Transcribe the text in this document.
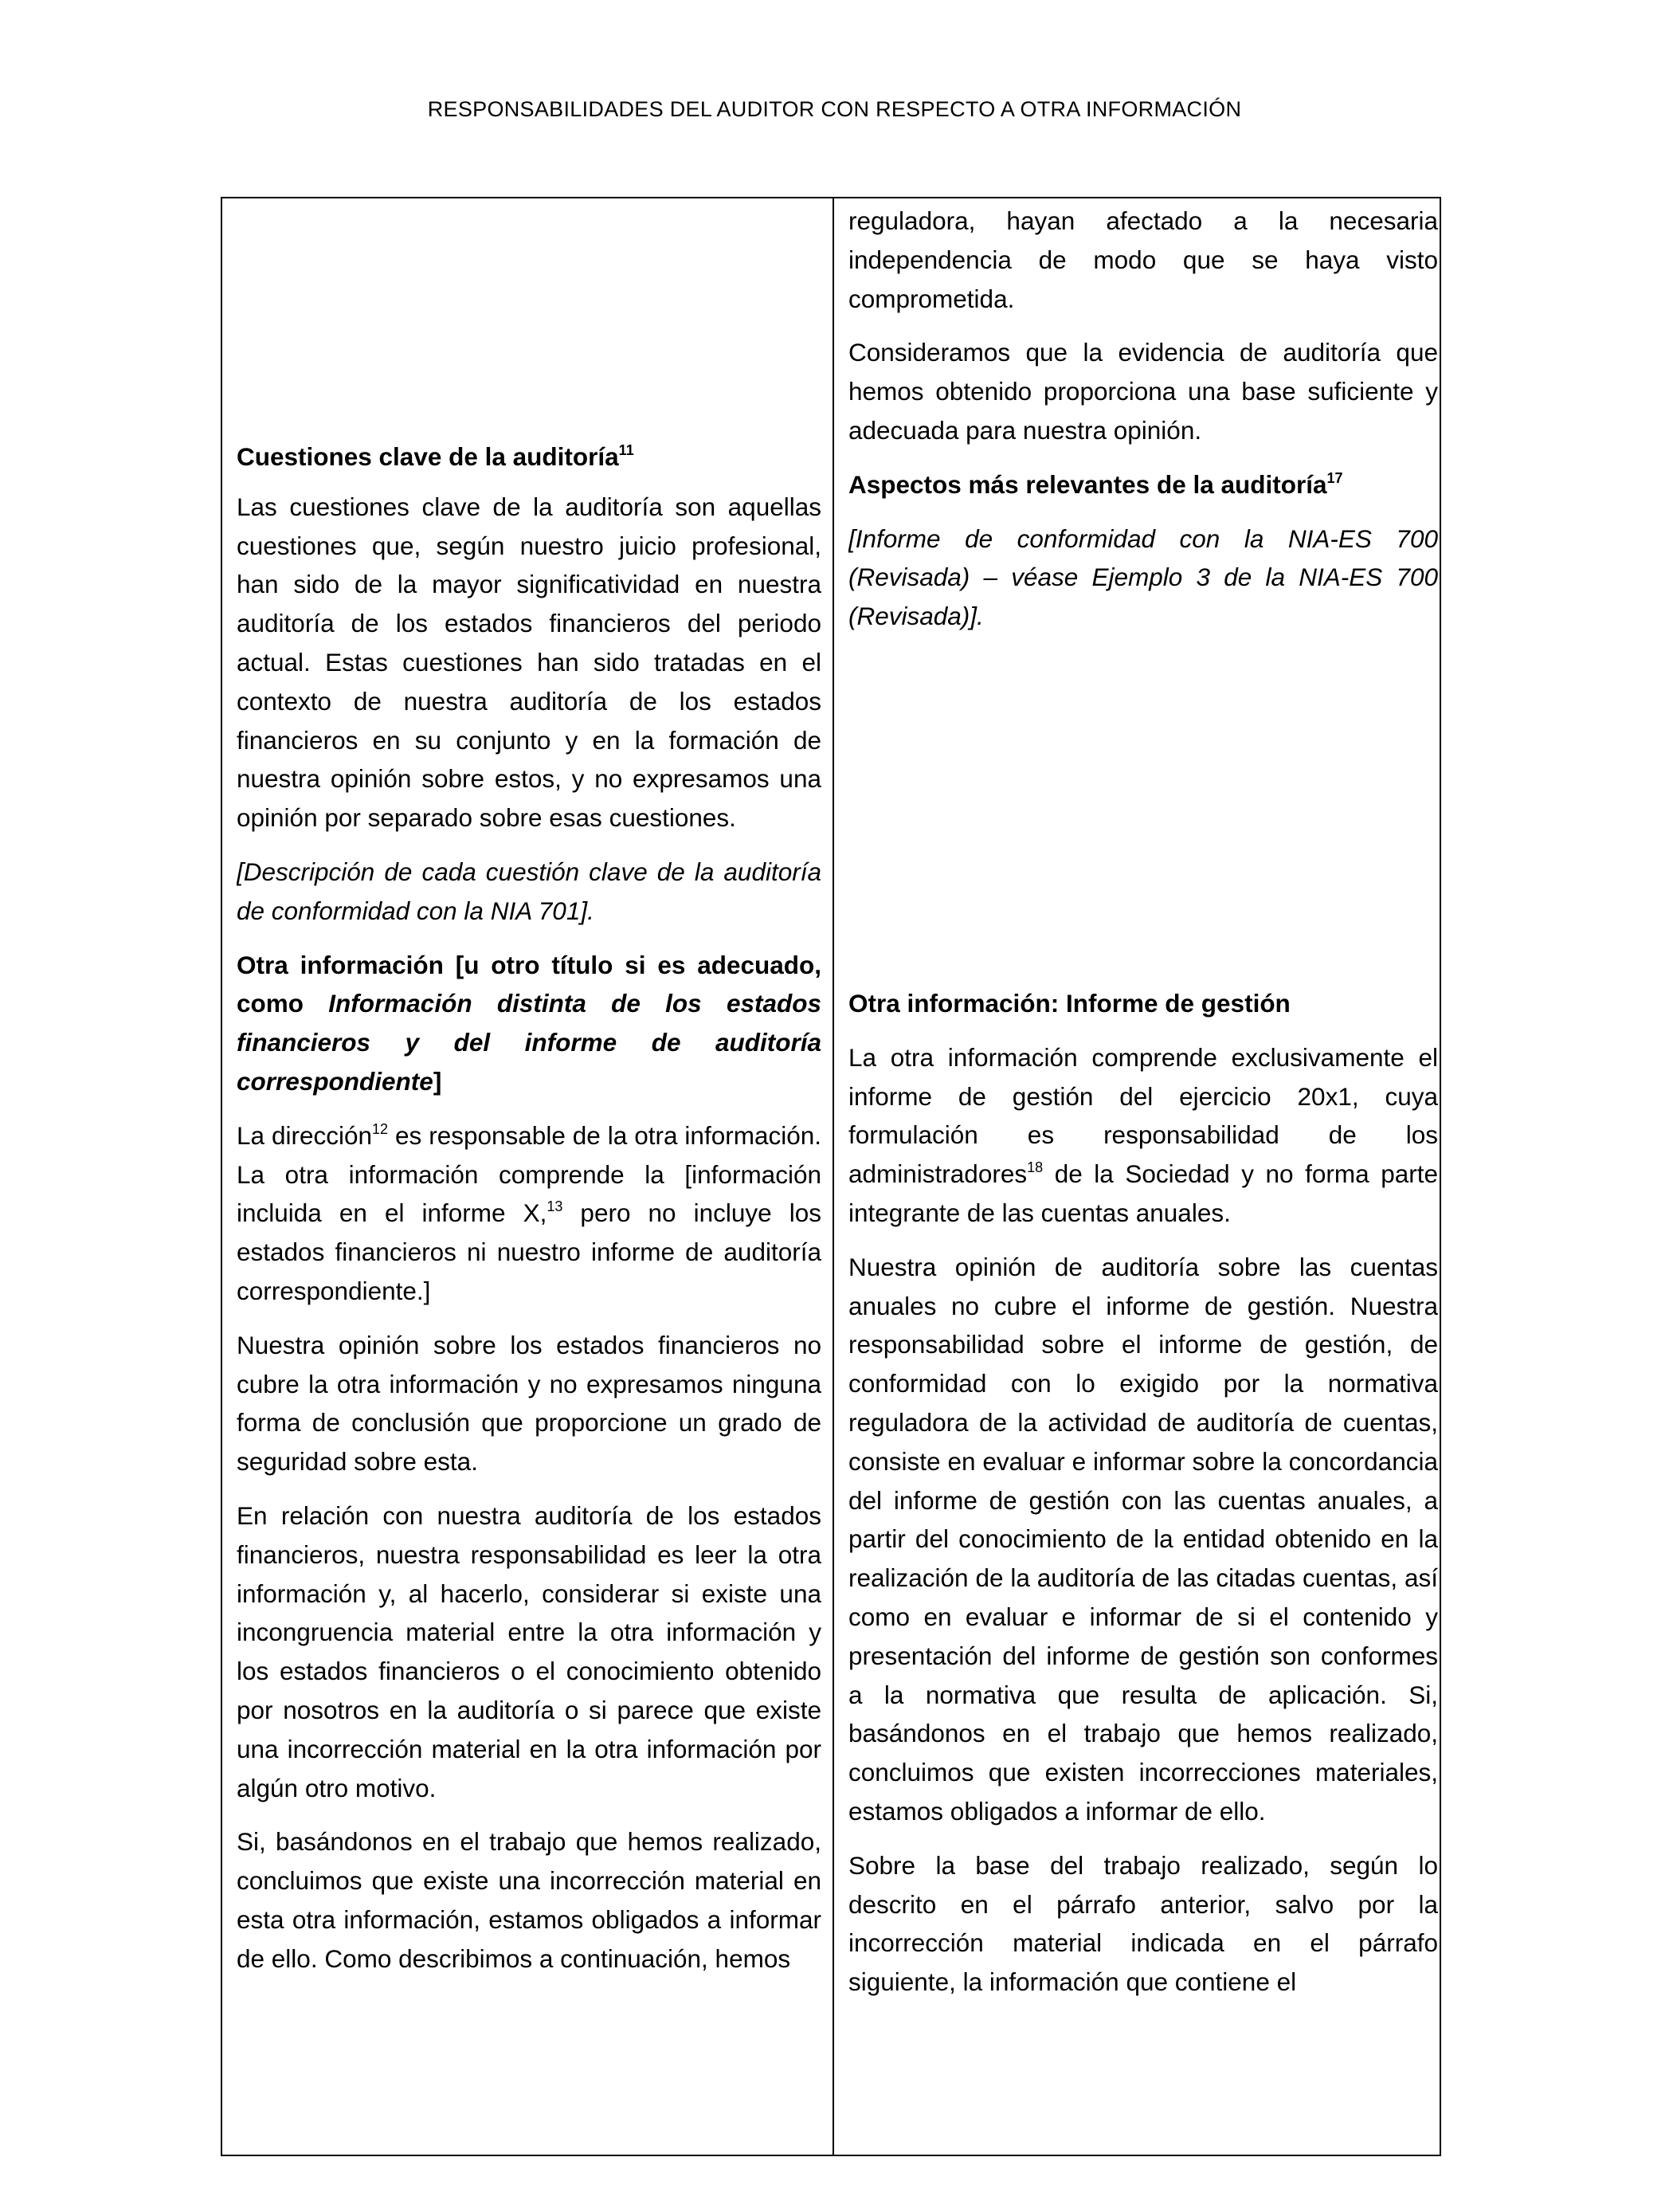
RESPONSABILIDADES DEL AUDITOR CON RESPECTO A OTRA INFORMACIÓN

Cuestiones clave de la auditoría$^{11}$

Las cuestiones clave de la auditoría son aquellas cuestiones que, según nuestro juicio profesional, han sido de la mayor significatividad en nuestra auditoría de los estados financieros del periodo actual. Estas cuestiones han sido tratadas en el contexto de nuestra auditoría de los estados financieros en su conjunto y en la formación de nuestra opinión sobre estos, y no expresamos una opinión por separado sobre esas cuestiones.

[Descripción de cada cuestión clave de la auditoría de conformidad con la NIA 701].

Otra información [u otro título si es adecuado, como Información distinta de los estados financieros y del informe de auditoría correspondiente]

La dirección$^{12}$ es responsable de la otra información. La otra información comprende la [información incluida en el informe X,$^{13}$ pero no incluye los estados financieros ni nuestro informe de auditoría correspondiente.]

Nuestra opinión sobre los estados financieros no cubre la otra información y no expresamos ninguna forma de conclusión que proporcione un grado de seguridad sobre esta.

En relación con nuestra auditoría de los estados financieros, nuestra responsabilidad es leer la otra información y, al hacerlo, considerar si existe una incongruencia material entre la otra información y los estados financieros o el conocimiento obtenido por nosotros en la auditoría o si parece que existe una incorrección material en la otra información por algún otro motivo.

Si, basándonos en el trabajo que hemos realizado, concluimos que existe una incorrección material en esta otra información, estamos obligados a informar de ello. Como describimos a continuación, hemos

reguladora, hayan afectado a la necesaria independencia de modo que se haya visto comprometida.

Consideramos que la evidencia de auditoría que hemos obtenido proporciona una base suficiente y adecuada para nuestra opinión.

Aspectos más relevantes de la auditoría$^{17}$

[Informe de conformidad con la NIA-ES 700 (Revisada) – véase Ejemplo 3 de la NIA-ES 700 (Revisada)].

Otra información: Informe de gestión

La otra información comprende exclusivamente el informe de gestión del ejercicio 20x1, cuya formulación es responsabilidad de los administradores$^{18}$ de la Sociedad y no forma parte integrante de las cuentas anuales.

Nuestra opinión de auditoría sobre las cuentas anuales no cubre el informe de gestión. Nuestra responsabilidad sobre el informe de gestión, de conformidad con lo exigido por la normativa reguladora de la actividad de auditoría de cuentas, consiste en evaluar e informar sobre la concordancia del informe de gestión con las cuentas anuales, a partir del conocimiento de la entidad obtenido en la realización de la auditoría de las citadas cuentas, así como en evaluar e informar de si el contenido y presentación del informe de gestión son conformes a la normativa que resulta de aplicación. Si, basándonos en el trabajo que hemos realizado, concluimos que existen incorrecciones materiales, estamos obligados a informar de ello.

Sobre la base del trabajo realizado, según lo descrito en el párrafo anterior, salvo por la incorrección material indicada en el párrafo siguiente, la información que contiene el
